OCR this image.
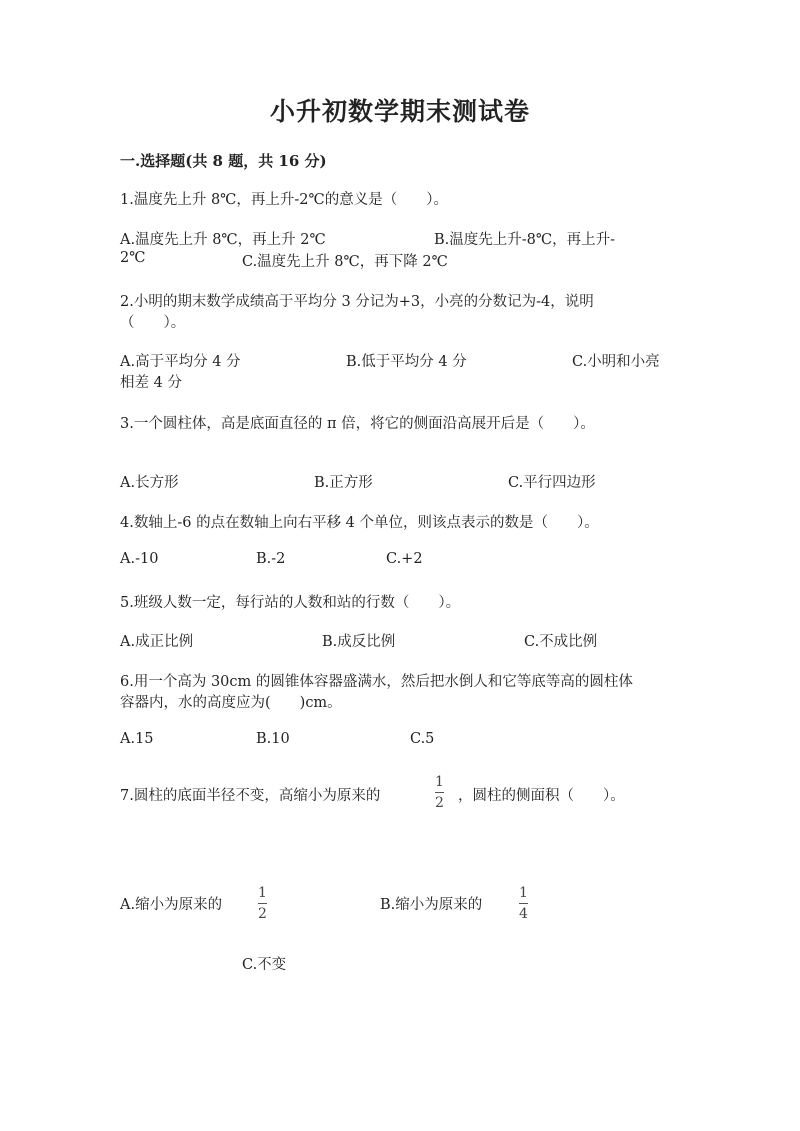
小升初数学期末测试卷
一.选择题(共 8 题，共 16 分)
1.温度先上升 8℃，再上升-2℃的意义是（　　）。
A.温度先上升 8℃，再上升 2℃	B.温度先上升-8℃，再上升-
2℃	C.温度先上升 8℃，再下降 2℃
2.小明的期末数学成绩高于平均分 3 分记为+3，小亮的分数记为-4，说明
（　　）。
A.高于平均分 4 分	B.低于平均分 4 分	C.小明和小亮
相差 4 分
3.一个圆柱体，高是底面直径的 π 倍，将它的侧面沿高展开后是（　　）。
A.长方形	B.正方形	C.平行四边形
4.数轴上-6 的点在数轴上向右平移 4 个单位，则该点表示的数是（　　）。
A.-10	B.-2	C.+2
5.班级人数一定，每行站的人数和站的行数（　　）。
A.成正比例	B.成反比例	C.不成比例
6.用一个高为 30cm 的圆锥体容器盛满水，然后把水倒人和它等底等高的圆柱体
容器内，水的高度应为(　　)cm。
A.15	B.10	C.5
7.圆柱的底面半径不变，高缩小为原来的
1
2 ，圆柱的侧面积（　　）。
A.缩小为原来的
1
2
B.缩小为原来的
1
4
C.不变
